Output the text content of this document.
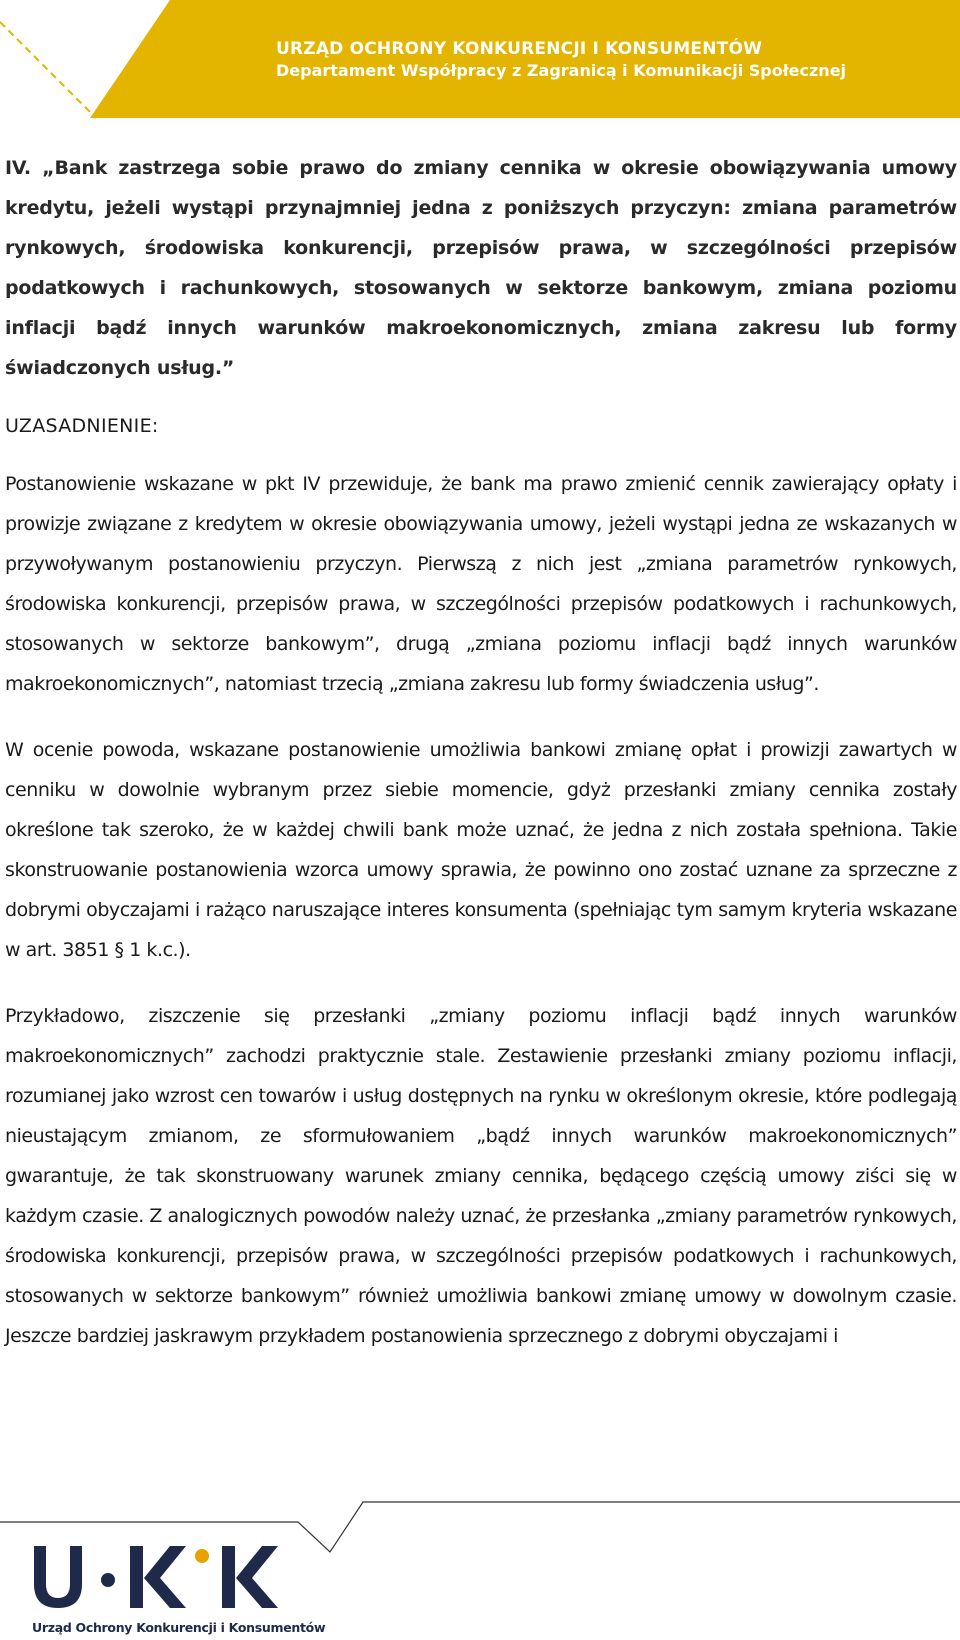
URZĄD OCHRONY KONKURENCJI I KONSUMENTÓW
Departament Współpracy z Zagranicą i Komunikacji Społecznej

IV. „Bank zastrzega sobie prawo do zmiany cennika w okresie obowiązywania umowy kredytu, jeżeli wystąpi przynajmniej jedna z poniższych przyczyn: zmiana parametrów rynkowych, środowiska konkurencji, przepisów prawa, w szczególności przepisów podatkowych i rachunkowych, stosowanych w sektorze bankowym, zmiana poziomu inflacji bądź innych warunków makroekonomicznych, zmiana zakresu lub formy świadczonych usług.”

UZASADNIENIE:

Postanowienie wskazane w pkt IV przewiduje, że bank ma prawo zmienić cennik zawierający opłaty i prowizje związane z kredytem w okresie obowiązywania umowy, jeżeli wystąpi jedna ze wskazanych w przywoływanym postanowieniu przyczyn. Pierwszą z nich jest „zmiana parametrów rynkowych, środowiska konkurencji, przepisów prawa, w szczególności przepisów podatkowych i rachunkowych, stosowanych w sektorze bankowym”, drugą „zmiana poziomu inflacji bądź innych warunków makroekonomicznych”, natomiast trzecią „zmiana zakresu lub formy świadczenia usług”.

W ocenie powoda, wskazane postanowienie umożliwia bankowi zmianę opłat i prowizji zawartych w cenniku w dowolnie wybranym przez siebie momencie, gdyż przesłanki zmiany cennika zostały określone tak szeroko, że w każdej chwili bank może uznać, że jedna z nich została spełniona. Takie skonstruowanie postanowienia wzorca umowy sprawia, że powinno ono zostać uznane za sprzeczne z dobrymi obyczajami i rażąco naruszające interes konsumenta (spełniając tym samym kryteria wskazane w art. 3851 § 1 k.c.).

Przykładowo, ziszczenie się przesłanki „zmiany poziomu inflacji bądź innych warunków makroekonomicznych” zachodzi praktycznie stale. Zestawienie przesłanki zmiany poziomu inflacji, rozumianej jako wzrost cen towarów i usług dostępnych na rynku w określonym okresie, które podlegają nieustającym zmianom, ze sformułowaniem „bądź innych warunków makroekonomicznych” gwarantuje, że tak skonstruowany warunek zmiany cennika, będącego częścią umowy ziści się w każdym czasie. Z analogicznych powodów należy uznać, że przesłanka „zmiany parametrów rynkowych, środowiska konkurencji, przepisów prawa, w szczególności przepisów podatkowych i rachunkowych, stosowanych w sektorze bankowym” również umożliwia bankowi zmianę umowy w dowolnym czasie. Jeszcze bardziej jaskrawym przykładem postanowienia sprzecznego z dobrymi obyczajami i

Urząd Ochrony Konkurencji i Konsumentów
